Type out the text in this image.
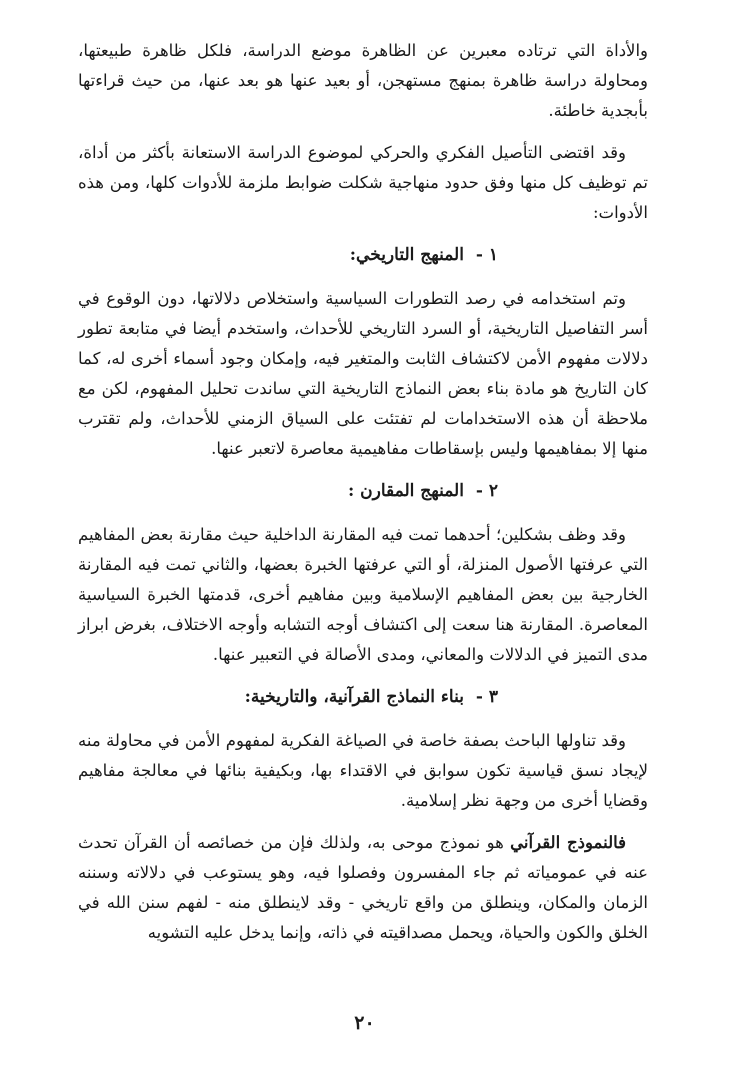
والأداة التي ترتاده معبرين عن الظاهرة موضع الدراسة، فلكل ظاهرة طبيعتها، ومحاولة دراسة ظاهرة بمنهج مستهجن، أو بعيد عنها هو بعد عنها، من حيث قراءتها بأبجدية خاطئة.

وقد اقتضى التأصيل الفكري والحركي لموضوع الدراسة الاستعانة بأكثر من أداة، تم توظيف كل منها وفق حدود منهاجية شكلت ضوابط ملزمة للأدوات كلها، ومن هذه الأدوات:

١ - المنهج التاريخي:

وتم استخدامه في رصد التطورات السياسية واستخلاص دلالاتها، دون الوقوع في أسر التفاصيل التاريخية، أو السرد التاريخي للأحداث، واستخدم أيضا في متابعة تطور دلالات مفهوم الأمن لاكتشاف الثابت والمتغير فيه، وإمكان وجود أسماء أخرى له، كما كان التاريخ هو مادة بناء بعض النماذج التاريخية التي ساندت تحليل المفهوم، لكن مع ملاحظة أن هذه الاستخدامات لم تفتئت على السياق الزمني للأحداث، ولم تقترب منها إلا بمفاهيمها وليس بإسقاطات مفاهيمية معاصرة لاتعبر عنها.

٢ - المنهج المقارن :

وقد وظف بشكلين؛ أحدهما تمت فيه المقارنة الداخلية حيث مقارنة بعض المفاهيم التي عرفتها الأصول المنزلة، أو التي عرفتها الخبرة بعضها، والثاني تمت فيه المقارنة الخارجية بين بعض المفاهيم الإسلامية وبين مفاهيم أخرى، قدمتها الخبرة السياسية المعاصرة. المقارنة هنا سعت إلى اكتشاف أوجه التشابه وأوجه الاختلاف، بغرض ابراز مدى التميز في الدلالات والمعاني، ومدى الأصالة في التعبير عنها.

٣ - بناء النماذج القرآنية، والتاريخية:

وقد تناولها الباحث بصفة خاصة في الصياغة الفكرية لمفهوم الأمن في محاولة منه لإيجاد نسق قياسية تكون سوابق في الاقتداء بها، وبكيفية بنائها في معالجة مفاهيم وقضايا أخرى من وجهة نظر إسلامية.

فالنموذج القرآني هو نموذج موحى به، ولذلك فإن من خصائصه أن القرآن تحدث عنه في عمومياته ثم جاء المفسرون وفصلوا فيه، وهو يستوعب في دلالاته وسننه الزمان والمكان، وينطلق من واقع تاريخي - وقد لاينطلق منه - لفهم سنن الله في الخلق والكون والحياة، ويحمل مصداقيته في ذاته، وإنما يدخل عليه التشويه

٢٠
